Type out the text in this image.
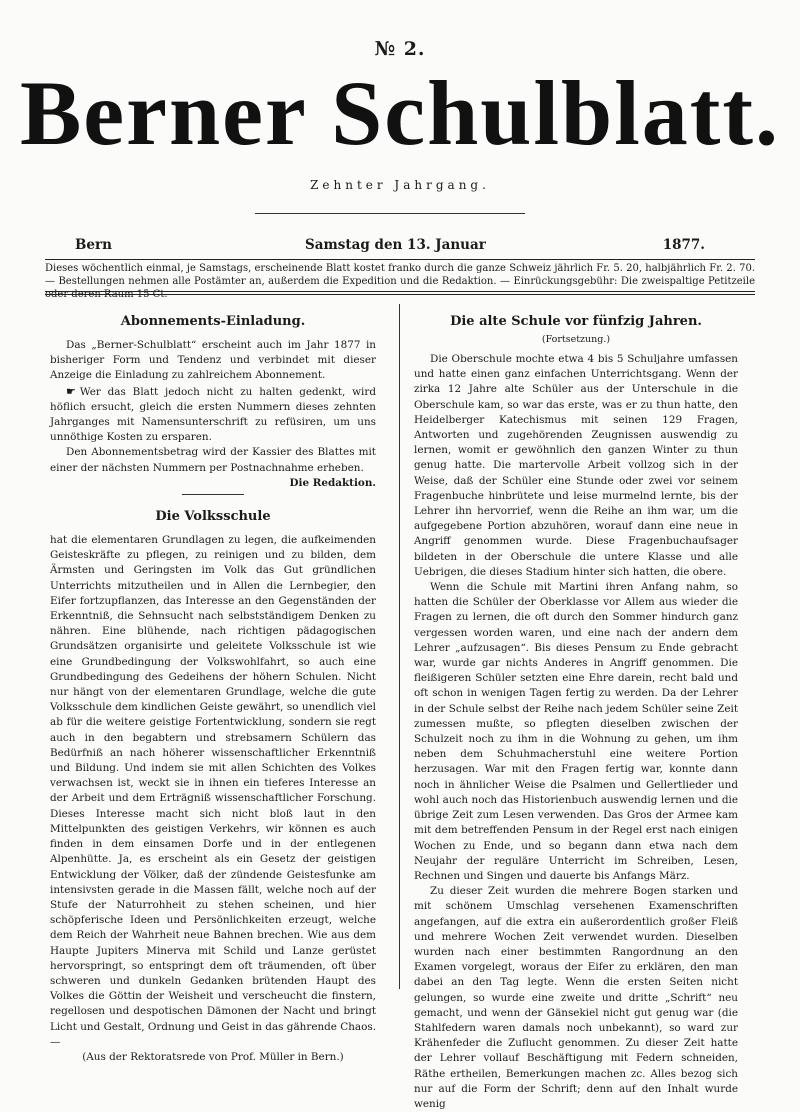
№ 2.
Berner Schulblatt.
Zehnter Jahrgang.
Bern	Samstag den 13. Januar	1877.
Dieses wöchentlich einmal, je Samstags, erscheinende Blatt kostet franko durch die ganze Schweiz jährlich Fr. 5. 20, halbjährlich Fr. 2. 70. — Bestellungen nehmen alle Postämter an, außerdem die Expedition und die Redaktion. — Einrückungsgebühr: Die zweispaltige Petitzeile oder deren Raum 15 Ct.
Abonnements-Einladung.

Das „Berner-Schulblatt“ erscheint auch im Jahr 1877 in bisheriger Form und Tendenz und verbindet mit dieser Anzeige die Einladung zu zahlreichem Abonnement.

☛ Wer das Blatt jedoch nicht zu halten gedenkt, wird höflich ersucht, gleich die ersten Nummern dieses zehnten Jahrganges mit Namensunterschrift zu refüsiren, um uns unnöthige Kosten zu ersparen.

Den Abonnementsbetrag wird der Kassier des Blattes mit einer der nächsten Nummern per Postnachnahme erheben.

Die Redaktion.

Die Volksschule

hat die elementaren Grundlagen zu legen, die aufkeimenden Geisteskräfte zu pflegen, zu reinigen und zu bilden, dem Ärmsten und Geringsten im Volk das Gut gründlichen Unterrichts mitzutheilen und in Allen die Lernbegier, den Eifer fortzupflanzen, das Interesse an den Gegenständen der Erkenntniß, die Sehnsucht nach selbstständigem Denken zu nähren. Eine blühende, nach richtigen pädagogischen Grundsätzen organisirte und geleitete Volksschule ist wie eine Grundbedingung der Volkswohlfahrt, so auch eine Grundbedingung des Gedeihens der höhern Schulen. Nicht nur hängt von der elementaren Grundlage, welche die gute Volksschule dem kindlichen Geiste gewährt, so unendlich viel ab für die weitere geistige Fortentwicklung, sondern sie regt auch in den begabtern und strebsamern Schülern das Bedürfniß an nach höherer wissenschaftlicher Erkenntniß und Bildung. Und indem sie mit allen Schichten des Volkes verwachsen ist, weckt sie in ihnen ein tieferes Interesse an der Arbeit und dem Erträgniß wissenschaftlicher Forschung. Dieses Interesse macht sich nicht bloß laut in den Mittelpunkten des geistigen Verkehrs, wir können es auch finden in dem einsamen Dorfe und in der entlegenen Alpenhütte. Ja, es erscheint als ein Gesetz der geistigen Entwicklung der Völker, daß der zündende Geistesfunke am intensivsten gerade in die Massen fällt, welche noch auf der Stufe der Naturrohheit zu stehen scheinen, und hier schöpferische Ideen und Persönlichkeiten erzeugt, welche dem Reich der Wahrheit neue Bahnen brechen. Wie aus dem Haupte Jupiters Minerva mit Schild und Lanze gerüstet hervorspringt, so entspringt dem oft träumenden, oft über schweren und dunkeln Gedanken brütenden Haupt des Volkes die Göttin der Weisheit und verscheucht die finstern, regellosen und despotischen Dämonen der Nacht und bringt Licht und Gestalt, Ordnung und Geist in das gährende Chaos. —

(Aus der Rektoratsrede von Prof. Müller in Bern.)

Die alte Schule vor fünfzig Jahren.
(Fortsetzung.)

Die Oberschule mochte etwa 4 bis 5 Schuljahre umfassen und hatte einen ganz einfachen Unterrichtsgang. Wenn der zirka 12 Jahre alte Schüler aus der Unterschule in die Oberschule kam, so war das erste, was er zu thun hatte, den Heidelberger Katechismus mit seinen 129 Fragen, Antworten und zugehörenden Zeugnissen auswendig zu lernen, womit er gewöhnlich den ganzen Winter zu thun genug hatte. Die martervolle Arbeit vollzog sich in der Weise, daß der Schüler eine Stunde oder zwei vor seinem Fragenbuche hinbrütete und leise murmelnd lernte, bis der Lehrer ihn hervorrief, wenn die Reihe an ihm war, um die aufgegebene Portion abzuhören, worauf dann eine neue in Angriff genommen wurde. Diese Fragenbuchaufsager bildeten in der Oberschule die untere Klasse und alle Uebrigen, die dieses Stadium hinter sich hatten, die obere.

Wenn die Schule mit Martini ihren Anfang nahm, so hatten die Schüler der Oberklasse vor Allem aus wieder die Fragen zu lernen, die oft durch den Sommer hindurch ganz vergessen worden waren, und eine nach der andern dem Lehrer „aufzusagen“. Bis dieses Pensum zu Ende gebracht war, wurde gar nichts Anderes in Angriff genommen. Die fleißigeren Schüler setzten eine Ehre darein, recht bald und oft schon in wenigen Tagen fertig zu werden. Da der Lehrer in der Schule selbst der Reihe nach jedem Schüler seine Zeit zumessen mußte, so pflegten dieselben zwischen der Schulzeit noch zu ihm in die Wohnung zu gehen, um ihm neben dem Schuhmacherstuhl eine weitere Portion herzusagen. War mit den Fragen fertig war, konnte dann noch in ähnlicher Weise die Psalmen und Gellertlieder und wohl auch noch das Historienbuch auswendig lernen und die übrige Zeit zum Lesen verwenden. Das Gros der Armee kam mit dem betreffenden Pensum in der Regel erst nach einigen Wochen zu Ende, und so begann dann etwa nach dem Neujahr der reguläre Unterricht im Schreiben, Lesen, Rechnen und Singen und dauerte bis Anfangs März.

Zu dieser Zeit wurden die mehrere Bogen starken und mit schönem Umschlag versehenen Examenschriften angefangen, auf die extra ein außerordentlich großer Fleiß und mehrere Wochen Zeit verwendet wurden. Dieselben wurden nach einer bestimmten Rangordnung an den Examen vorgelegt, woraus der Eifer zu erklären, den man dabei an den Tag legte. Wenn die ersten Seiten nicht gelungen, so wurde eine zweite und dritte „Schrift“ neu gemacht, und wenn der Gänsekiel nicht gut genug war (die Stahlfedern waren damals noch unbekannt), so ward zur Krähenfeder die Zuflucht genommen. Zu dieser Zeit hatte der Lehrer vollauf Beschäftigung mit Federn schneiden, Räthe ertheilen, Bemerkungen machen zc. Alles bezog sich nur auf die Form der Schrift; denn auf den Inhalt wurde wenig
